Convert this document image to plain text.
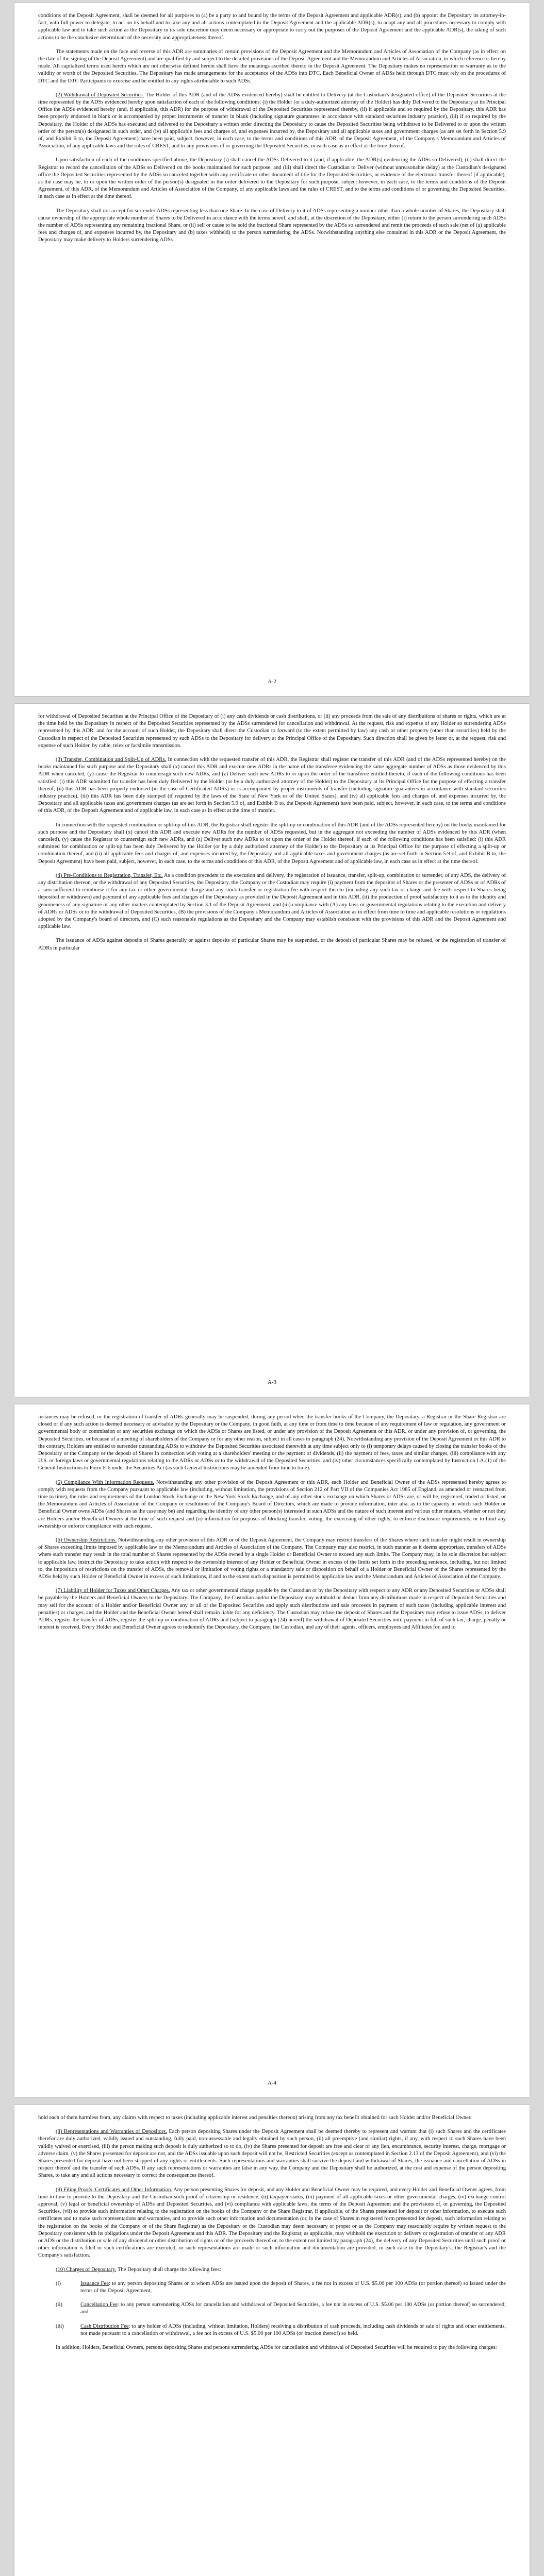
conditions of the Deposit Agreement, shall be deemed for all purposes to (a) be a party to and bound by the terms of the Deposit Agreement and applicable ADR(s), and (b) appoint the Depositary its attorney-in-fact, with full power to delegate, to act on its behalf and to take any and all actions contemplated in the Deposit Agreement and the applicable ADR(s), to adopt any and all procedures necessary to comply with applicable law and to take such action as the Depositary in its sole discretion may deem necessary or appropriate to carry out the purposes of the Deposit Agreement and the applicable ADR(s), the taking of such actions to be the conclusive determinant of the necessity and appropriateness thereof.

The statements made on the face and reverse of this ADR are summaries of certain provisions of the Deposit Agreement and the Memorandum and Articles of Association of the Company (as in effect on the date of the signing of the Deposit Agreement) and are qualified by and subject to the detailed provisions of the Deposit Agreement and the Memorandum and Articles of Association, to which reference is hereby made. All capitalized terms used herein which are not otherwise defined herein shall have the meanings ascribed thereto in the Deposit Agreement. The Depositary makes no representation or warranty as to the validity or worth of the Deposited Securities. The Depositary has made arrangements for the acceptance of the ADSs into DTC. Each Beneficial Owner of ADSs held through DTC must rely on the procedures of DTC and the DTC Participants to exercise and be entitled to any rights attributable to such ADSs.

(2) Withdrawal of Deposited Securities. The Holder of this ADR (and of the ADSs evidenced hereby) shall be entitled to Delivery (at the Custodian's designated office) of the Deposited Securities at the time represented by the ADSs evidenced hereby upon satisfaction of each of the following conditions: (i) the Holder (or a duly-authorized attorney of the Holder) has duly Delivered to the Depositary at its Principal Office the ADSs evidenced hereby (and, if applicable, this ADR) for the purpose of withdrawal of the Deposited Securities represented thereby, (ii) if applicable and so required by the Depositary, this ADR has been properly endorsed in blank or is accompanied by proper instruments of transfer in blank (including signature guarantees in accordance with standard securities industry practice), (iii) if so required by the Depositary, the Holder of the ADSs has executed and delivered to the Depositary a written order directing the Depositary to cause the Deposited Securities being withdrawn to be Delivered to or upon the written order of the person(s) designated in such order, and (iv) all applicable fees and charges of, and expenses incurred by, the Depositary and all applicable taxes and government charges (as are set forth in Section 5.9 of, and Exhibit B to, the Deposit Agreement) have been paid, subject, however, in each case, to the terms and conditions of this ADR, of the Deposit Agreement, of the Company's Memorandum and Articles of Association, of any applicable laws and the rules of CREST, and to any provisions of or governing the Deposited Securities, in each case as in effect at the time thereof.

Upon satisfaction of each of the conditions specified above, the Depositary (i) shall cancel the ADSs Delivered to it (and, if applicable, the ADR(s) evidencing the ADSs so Delivered), (ii) shall direct the Registrar to record the cancellation of the ADSs so Delivered on the books maintained for such purpose, and (iii) shall direct the Custodian to Deliver (without unreasonable delay) at the Custodian's designated office the Deposited Securities represented by the ADSs so canceled together with any certificate or other document of title for the Deposited Securities, or evidence of the electronic transfer thereof (if applicable), as the case may be, to or upon the written order of the person(s) designated in the order delivered to the Depositary for such purpose, subject however, in each case, to the terms and conditions of the Deposit Agreement, of this ADR, of the Memorandum and Articles of Association of the Company, of any applicable laws and the rules of CREST, and to the terms and conditions of or governing the Deposited Securities, in each case as in effect at the time thereof.

The Depositary shall not accept for surrender ADSs representing less than one Share. In the case of Delivery to it of ADSs representing a number other than a whole number of Shares, the Depositary shall cause ownership of the appropriate whole number of Shares to be Delivered in accordance with the terms hereof, and shall, at the discretion of the Depositary, either (i) return to the person surrendering such ADSs the number of ADSs representing any remaining fractional Share, or (ii) sell or cause to be sold the fractional Share represented by the ADSs so surrendered and remit the proceeds of such sale (net of (a) applicable fees and charges of, and expenses incurred by, the Depositary and (b) taxes withheld) to the person surrendering the ADSs. Notwithstanding anything else contained in this ADR or the Deposit Agreement, the Depositary may make delivery to Holders surrendering ADSs

A-2

for withdrawal of Deposited Securities at the Principal Office of the Depositary of (i) any cash dividends or cash distributions, or (ii) any proceeds from the sale of any distributions of shares or rights, which are at the time held by the Depositary in respect of the Deposited Securities represented by the ADSs surrendered for cancellation and withdrawal. At the request, risk and expense of any Holder so surrendering ADSs represented by this ADR, and for the account of such Holder, the Depositary shall direct the Custodian to forward (to the extent permitted by law) any cash or other property (other than securities) held by the Custodian in respect of the Deposited Securities represented by such ADSs to the Depositary for delivery at the Principal Office of the Depositary. Such direction shall be given by letter or, at the request, risk and expense of such Holder, by cable, telex or facsimile transmission.

(3) Transfer, Combination and Split-Up of ADRs. In connection with the requested transfer of this ADR, the Registrar shall register the transfer of this ADR (and of the ADSs represented hereby) on the books maintained for such purpose and the Depositary shall (x) cancel this ADR and execute new ADRs in the name of the transferee evidencing the same aggregate number of ADSs as those evidenced by this ADR when canceled, (y) cause the Registrar to countersign such new ADRs, and (z) Deliver such new ADRs to or upon the order of the transferee entitled thereto, if each of the following conditions has been satisfied: (i) this ADR submitted for transfer has been duly Delivered by the Holder (or by a duly authorized attorney of the Holder) to the Depositary at its Principal Office for the purpose of effecting a transfer thereof, (ii) this ADR has been properly endorsed (in the case of Certificated ADRs) or is accompanied by proper instruments of transfer (including signature guarantees in accordance with standard securities industry practice), (iii) this ADR has been duly stamped (if required by the laws of the State of New York or of the United States), and (iv) all applicable fees and charges of, and expenses incurred by, the Depositary and all applicable taxes and government charges (as are set forth in Section 5.9 of, and Exhibit B to, the Deposit Agreement) have been paid, subject, however, in each case, to the terms and conditions of this ADR, of the Deposit Agreement and of applicable law, in each case as in effect at the time of transfer.

In connection with the requested combination or split-up of this ADR, the Registrar shall register the split-up or combination of this ADR (and of the ADSs represented hereby) on the books maintained for such purpose and the Depositary shall (x) cancel this ADR and execute new ADRs for the number of ADSs requested, but in the aggregate not exceeding the number of ADSs evidenced by this ADR (when canceled), (y) cause the Registrar to countersign such new ADRs, and (z) Deliver such new ADRs to or upon the order of the Holder thereof, if each of the following conditions has been satisfied: (i) this ADR submitted for combination or split-up has been duly Delivered by the Holder (or by a duly authorized attorney of the Holder) to the Depositary at its Principal Office for the purpose of effecting a split-up or combination thereof, and (ii) all applicable fees and charges of, and expenses incurred by, the Depositary and all applicable taxes and government charges (as are set forth in Section 5.9 of, and Exhibit B to, the Deposit Agreement) have been paid, subject, however, in each case, to the terms and conditions of this ADR, of the Deposit Agreement and of applicable law, in each case as in effect at the time thereof.

(4) Pre-Conditions to Registration, Transfer, Etc. As a condition precedent to the execution and delivery, the registration of issuance, transfer, split-up, combination or surrender, of any ADS, the delivery of any distribution thereon, or the withdrawal of any Deposited Securities, the Depositary, the Company or the Custodian may require (i) payment from the depositor of Shares or the presenter of ADSs or of ADRs of a sum sufficient to reimburse it for any tax or other governmental charge and any stock transfer or registration fee with respect thereto (including any such tax or charge and fee with respect to Shares being deposited or withdrawn) and payment of any applicable fees and charges of the Depositary as provided in the Deposit Agreement and in this ADR, (ii) the production of proof satisfactory to it as to the identity and genuineness of any signature or any other matters contemplated by Section 3.1 of the Deposit Agreement, and (iii) compliance with (A) any laws or governmental regulations relating to the execution and delivery of ADRs or ADSs or to the withdrawal of Deposited Securities, (B) the provisions of the Company's Memorandum and Articles of Association as in effect from time to time and applicable resolutions or regulations adopted by the Company's board of directors, and (C) such reasonable regulations as the Depositary and the Company may establish consistent with the provisions of this ADR and the Deposit Agreement and applicable law.

The issuance of ADSs against deposits of Shares generally or against deposits of particular Shares may be suspended, or the deposit of particular Shares may be refused, or the registration of transfer of ADRs in particular

A-3

instances may be refused, or the registration of transfer of ADRs generally may be suspended, during any period when the transfer books of the Company, the Depositary, a Registrar or the Share Registrar are closed or if any such action is deemed necessary or advisable by the Depositary or the Company, in good faith, at any time or from time to time because of any requirement of law or regulation, any government or governmental body or commission or any securities exchange on which the ADSs or Shares are listed, or under any provision of the Deposit Agreement or this ADR, or under any provision of, or governing, the Deposited Securities, or because of a meeting of shareholders of the Company or for any other reason, subject in all cases to paragraph (24). Notwithstanding any provision of the Deposit Agreement or this ADR to the contrary, Holders are entitled to surrender outstanding ADSs to withdraw the Deposited Securities associated therewith at any time subject only to (i) temporary delays caused by closing the transfer books of the Depositary or the Company or the deposit of Shares in connection with voting at a shareholders' meeting or the payment of dividends, (ii) the payment of fees, taxes and similar charges, (iii) compliance with any U.S. or foreign laws or governmental regulations relating to the ADRs or ADSs or to the withdrawal of the Deposited Securities, and (iv) other circumstances specifically contemplated by Instruction I.A.(1) of the General Instructions to Form F-6 under the Securities Act (as such General Instructions may be amended from time to time).

(5) Compliance With Information Requests. Notwithstanding any other provision of the Deposit Agreement or this ADR, each Holder and Beneficial Owner of the ADSs represented hereby agrees to comply with requests from the Company pursuant to applicable law (including, without limitation, the provisions of Section 212 of Part VII of the Companies Act 1985 of England, as amended or reenacted from time to time), the rules and requirements of the London Stock Exchange or the New York Stock Exchange, and of any other stock exchange on which Shares or ADSs are, or will be, registered, traded or listed, or the Memorandum and Articles of Association of the Company or resolutions of the Company's Board of Directors, which are made to provide information, inter alia, as to the capacity in which such Holder or Beneficial Owner owns ADSs (and Shares as the case may be) and regarding the identity of any other person(s) interested in such ADSs and the nature of such interest and various other matters, whether or not they are Holders and/or Beneficial Owners at the time of such request and (ii) information for purposes of blocking transfer, voting, the exercising of other rights, to enforce disclosure requirements, or to limit any ownership or enforce compliance with such request.

(6) Ownership Restrictions. Notwithstanding any other provision of this ADR or of the Deposit Agreement, the Company may restrict transfers of the Shares where such transfer might result in ownership of Shares exceeding limits imposed by applicable law or the Memorandum and Articles of Association of the Company. The Company may also restrict, in such manner as it deems appropriate, transfers of ADSs where such transfer may result in the total number of Shares represented by the ADSs owned by a single Holder or Beneficial Owner to exceed any such limits. The Company may, in its sole discretion but subject to applicable law, instruct the Depositary to take action with respect to the ownership interest of any Holder or Beneficial Owner in excess of the limits set forth in the preceding sentence, including, but not limited to, the imposition of restrictions on the transfer of ADSs, the removal or limitation of voting rights or a mandatory sale or disposition on behalf of a Holder or Beneficial Owner of the Shares represented by the ADSs held by such Holder or Beneficial Owner in excess of such limitations, if and to the extent such disposition is permitted by applicable law and the Memorandum and Articles of Association of the Company.

(7) Liability of Holder for Taxes and Other Charges. Any tax or other governmental charge payable by the Custodian or by the Depositary with respect to any ADR or any Deposited Securities or ADSs shall be payable by the Holders and Beneficial Owners to the Depositary. The Company, the Custodian and/or the Depositary may withhold or deduct from any distributions made in respect of Deposited Securities and may sell for the account of a Holder and/or Beneficial Owner any or all of the Deposited Securities and apply such distributions and sale proceeds in payment of such taxes (including applicable interest and penalties) or charges, and the Holder and the Beneficial Owner hereof shall remain liable for any deficiency. The Custodian may refuse the deposit of Shares and the Depositary may refuse to issue ADSs, to deliver ADRs, register the transfer of ADSs, register the split-up or combination of ADRs and (subject to paragraph (24) hereof) the withdrawal of Deposited Securities until payment in full of such tax, charge, penalty or interest is received. Every Holder and Beneficial Owner agrees to indemnify the Depositary, the Company, the Custodian, and any of their agents, officers, employees and Affiliates for, and to

A-4

hold each of them harmless from, any claims with respect to taxes (including applicable interest and penalties thereon) arising from any tax benefit obtained for such Holder and/or Beneficial Owner.

(8) Representations and Warranties of Depositors. Each person depositing Shares under the Deposit Agreement shall be deemed thereby to represent and warrant that (i) such Shares and the certificates therefor are duly authorized, validly issued and outstanding, fully paid, non-assessable and legally obtained by such person, (ii) all preemptive (and similar) rights, if any, with respect to such Shares have been validly waived or exercised, (iii) the person making such deposit is duly authorized so to do, (iv) the Shares presented for deposit are free and clear of any lien, encumbrance, security interest, charge, mortgage or adverse claim, (v) the Shares presented for deposit are not, and the ADSs issuable upon such deposit will not be, Restricted Securities (except as contemplated in Section 2.13 of the Deposit Agreement), and (vi) the Shares presented for deposit have not been stripped of any rights or entitlements. Such representations and warranties shall survive the deposit and withdrawal of Shares, the issuance and cancellation of ADSs in respect thereof and the transfer of such ADSs. If any such representations or warranties are false in any way, the Company and the Depositary shall be authorized, at the cost and expense of the person depositing Shares, to take any and all actions necessary to correct the consequences thereof.

(9) Filing Proofs, Certificates and Other Information. Any person presenting Shares for deposit, and any Holder and Beneficial Owner may be required, and every Holder and Beneficial Owner agrees, from time to time to provide to the Depositary and the Custodian such proof of citizenship or residence, (ii) taxpayer status, (iii) payment of all applicable taxes or other governmental charges, (iv) exchange control approval, (v) legal or beneficial ownership of ADSs and Deposited Securities, and (vi) compliance with applicable laws, the terms of the Deposit Agreement and the provisions of, or governing, the Deposited Securities, (vii) to provide such information relating to the registration on the books of the Company or the Share Registrar, if applicable, of the Shares presented for deposit or other information, to execute such certificates and to make such representations and warranties, and to provide such other information and documentation (or, in the case of Shares in registered form presented for deposit, such information relating to the registration on the books of the Company or of the Share Registrar) as the Depositary or the Custodian may deem necessary or proper or as the Company may reasonably require by written request to the Depositary consistent with its obligations under the Deposit Agreement and this ADR. The Depositary and the Registrar, as applicable, may withhold the execution or delivery or registration of transfer of any ADR or ADS or the distribution or sale of any dividend or other distribution of rights or of the proceeds thereof or, to the extent not limited by paragraph (24), the delivery of any Deposited Securities until such proof or other information is filed or such certifications are executed, or such representations are made or such information and documentation are provided, in each case to the Depositary's, the Registrar's and the Company's satisfaction.

(10) Charges of Depositary. The Depositary shall charge the following fees:

(i)	Issuance Fee: to any person depositing Shares or to whom ADSs are issued upon the deposit of Shares, a fee not in excess of U.S. $5.00 per 100 ADSs (or portion thereof) so issued under the terms of the Deposit Agreement;
(ii)	Cancellation Fee: to any person surrendering ADSs for cancellation and withdrawal of Deposited Securities, a fee not in excess of U.S. $5.00 per 100 ADSs (or portion thereof) so surrendered; and
(iii)	Cash Distribution Fee: to any holder of ADSs (including, without limitation, Holders) receiving a distribution of cash proceeds, including cash dividends or sale of rights and other entitlements, not made pursuant to a cancellation or withdrawal, a fee not in excess of U.S. $5.00 per 100 ADSs (or fraction thereof) so held.

In addition, Holders, Beneficial Owners, persons depositing Shares and persons surrendering ADSs for cancellation and withdrawal of Deposited Securities will be required to pay the following charges:
